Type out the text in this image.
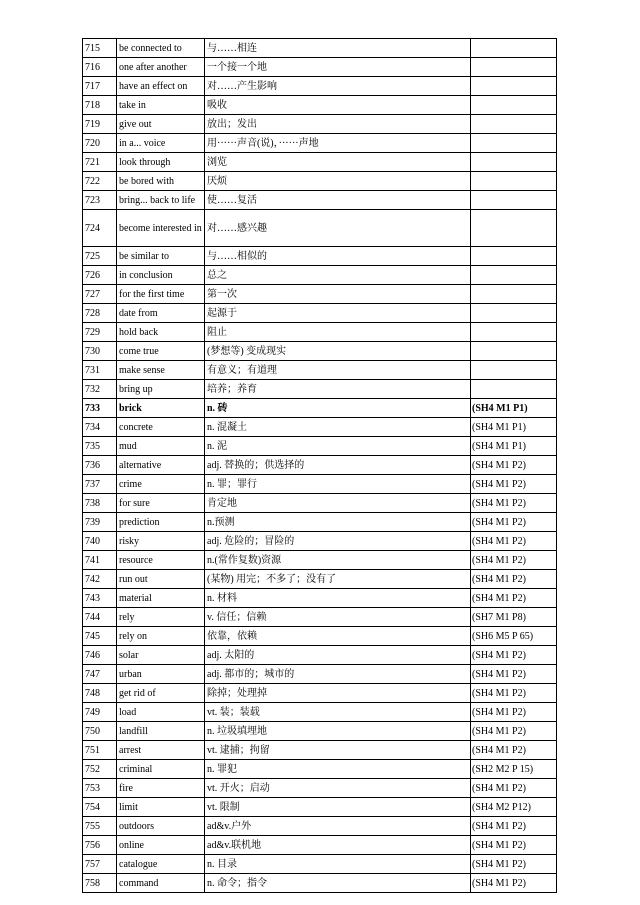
715	be connected to	与……相连	
716	one after another	一个接一个地	
717	have an effect on	对……产生影响	
718	take in	吸收	
719	give out	放出；发出	
720	in a... voice	用······声音(说)，······声地	
721	look through	浏览	
722	be bored with	厌烦	
723	bring... back to life	使……复活	
724	become interested in	对……感兴趣	
725	be similar to	与……相似的	
726	in conclusion	总之	
727	for the first time	第一次	
728	date from	起源于	
729	hold back	阻止	
730	come true	(梦想等) 变成现实	
731	make sense	有意义；有道理	
732	bring up	培养；养育	
733	brick	n. 砖	(SH4 M1 P1)
734	concrete	n. 混凝土	(SH4 M1 P1)
735	mud	n. 泥	(SH4 M1 P1)
736	alternative	adj. 替换的；供选择的	(SH4 M1 P2)
737	crime	n. 罪；罪行	(SH4 M1 P2)
738	for sure	肯定地	(SH4 M1 P2)
739	prediction	n.预测	(SH4 M1 P2)
740	risky	adj. 危险的；冒险的	(SH4 M1 P2)
741	resource	n.(常作复数)资源	(SH4 M1 P2)
742	run out	(某物) 用完；不多了；没有了	(SH4 M1 P2)
743	material	n. 材料	(SH4 M1 P2)
744	rely	v. 信任；信赖	(SH7 M1 P8)
745	rely on	依靠，依赖	(SH6 M5 P 65)
746	solar	adj. 太阳的	(SH4 M1 P2)
747	urban	adj. 都市的；城市的	(SH4 M1 P2)
748	get rid of	除掉；处理掉	(SH4 M1 P2)
749	load	vt. 装；装载	(SH4 M1 P2)
750	landfill	n. 垃圾填埋地	(SH4 M1 P2)
751	arrest	vt. 逮捕；拘留	(SH4 M1 P2)
752	criminal	n. 罪犯	(SH2 M2 P 15)
753	fire	vt. 开火；启动	(SH4 M1 P2)
754	limit	vt. 限制	(SH4 M2 P12)
755	outdoors	ad&v.户外	(SH4 M1 P2)
756	online	ad&v.联机地	(SH4 M1 P2)
757	catalogue	n. 目录	(SH4 M1 P2)
758	command	n. 命令；指令	(SH4 M1 P2)
